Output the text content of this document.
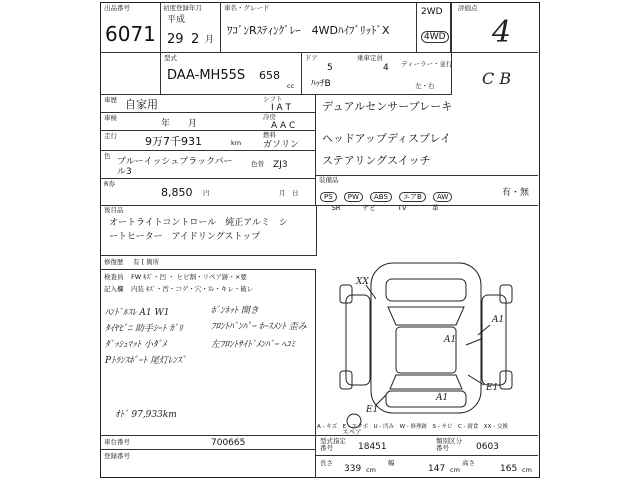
出品番号
6071
初度登録年月
平成
29 2 月
車名・グレード
ﾜｺﾞﾝRｽﾃｨﾝｸﾞﾚｰ　4WDﾊｲﾌﾞﾘｯﾄﾞX
2WD
4WD
評価点
4
C B
型式
DAA-MH55S 658
cc
ドア
5
乗車定員
4
ﾊｯﾁB
ディーラー・並行
左・右
車歴 自家用	シフト
I A T
車検
年　　月
冷房
A A C
走行	9万7千931	km
燃料
ガソリン
色
ブルーイッシュブラックパール3
色替 ZJ3
R券
8,850 円	月　日
デュアルセンサーブレーキ
ヘッドアップディスプレイ
ステアリングスイッチ
装備品
PS PW ABS エアB AW
SR	ナビ	TV	革
有・無
後目品
オートライトコントロール　純正アルミ　シ
ートヒーター　アイドリングストップ
修復歴 有 [ 箇所
検査員
記入欄
FW ｷｽﾞ・凹 ・ ヒビ割・リペア跡・×要
内装 ｷｽﾞ・汚・コゲ・穴・ｽﾚ・キレ・破レ
ﾊﾝﾄﾞﾙｽﾚ A1 W1
ﾀｲﾔﾋﾞﾆ 助手ｼｰﾄ ｶﾞﾘ
ﾀﾞｯｼｭﾏｯﾄ 小ﾀﾞﾒ
Pﾄﾗﾝｽﾎﾟｰﾄ 尾灯ﾚﾝｽﾞ
ﾎﾞﾝﾈｯﾄ 開き
ﾌﾛﾝﾄﾊﾞﾝﾊﾟｰ ﾎｰｽﾒﾝﾄ 歪み
左ﾌﾛﾝﾄｻｲﾄﾞﾒﾝﾊﾞｰ ﾍｺﾐ
ｵﾄﾞ 97,933km
XX
A1
A1
A1
E1
E1
スペア
A ‐ キズ　E ‐ エクボ　U ‐ 凹み　W ‐ 修理跡　S ‐ サビ　C ‐ 腐食　XX ‐ 交換
車台番号	700665
登録番号
型式指定番号	18451
類別区分番号	0603
長さ
339 cm
幅
147 cm
高さ
165 cm
